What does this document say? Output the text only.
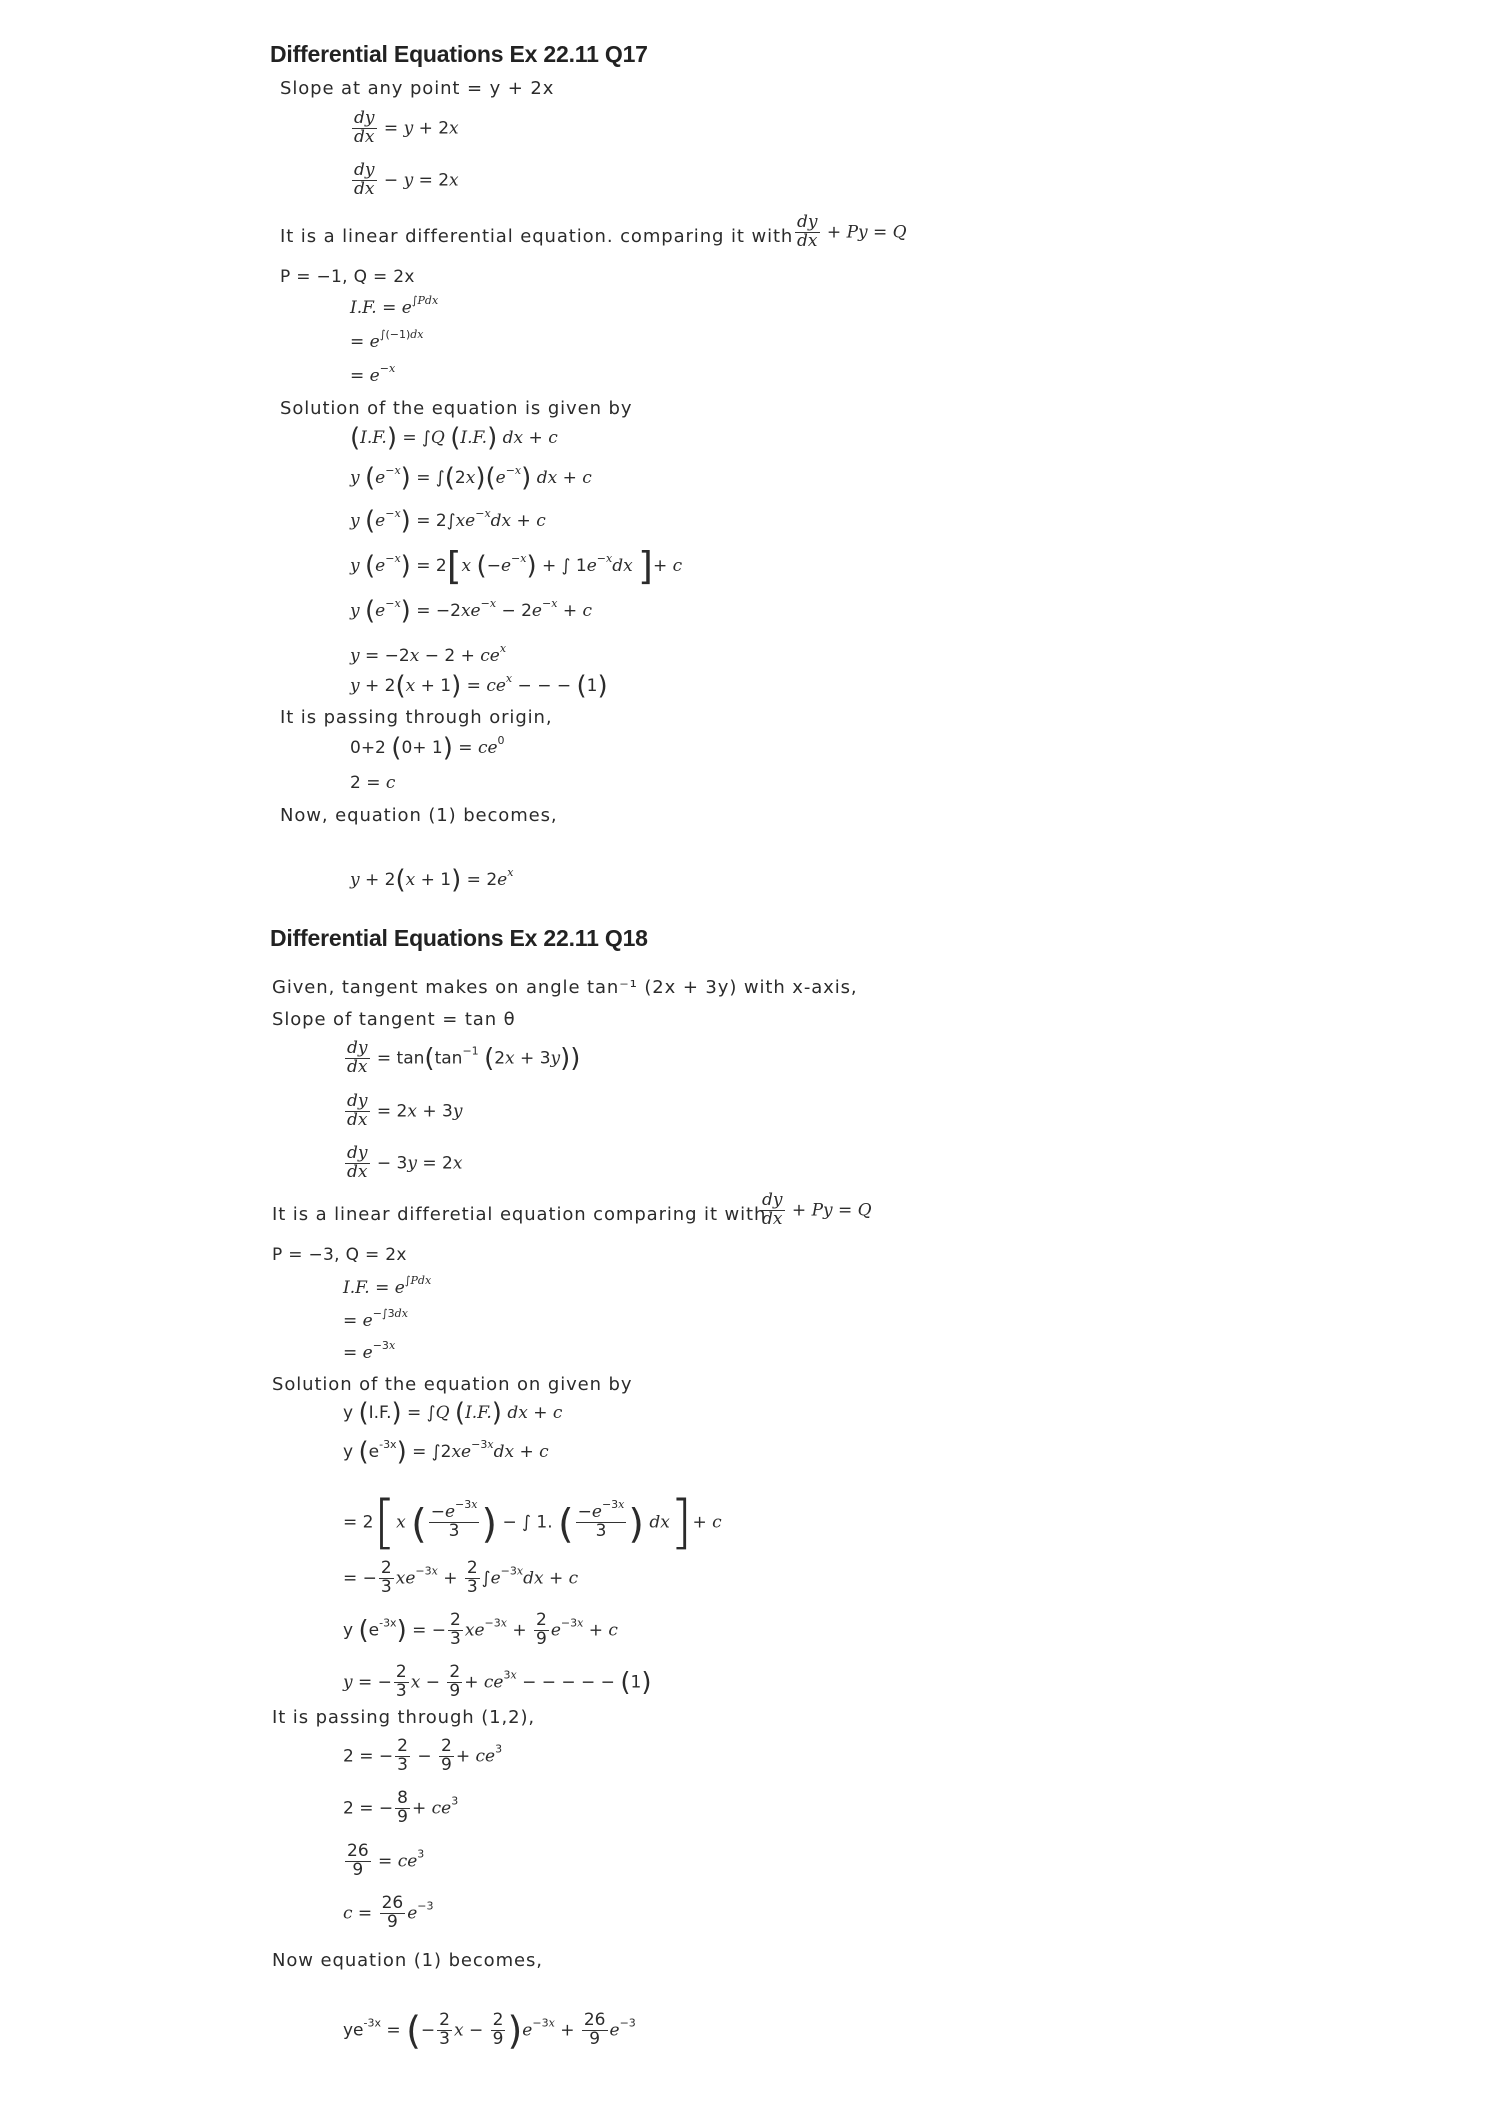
Differential Equations Ex 22.11 Q17
Slope at any point = y + 2x
$\frac{dy}{dx} = y + 2x$
$\frac{dy}{dx} - y = 2x$
It is a linear differential equation. comparing it with $\frac{dy}{dx} + Py = Q$
P = −1, Q = 2x
I.F. = $e^{\int Pdx}$
= $e^{\int(-1)dx}$
= $e^{-x}$
Solution of the equation is given by
(I.F.) = ∫Q (I.F.) dx + c
y $(e^{-x}) = \int(2x)(e^{-x})$ dx + c
y $(e^{-x}) = 2\int xe^{-x}dx + c$
y $(e^{-x}) = 2[x$ $(-e^{-x})$ + ∫ $1e^{-x}dx$ ]+ c
y $(e^{-x}) = -2xe^{-x} - 2e^{-x} + c$
$y = -2x - 2 + ce^x$
$y + 2(x + 1) = ce^x$ − − − (1)
It is passing through origin,
0+2 $(0+ 1) = ce^0$
2 = c
Now, equation (1) becomes,
$y + 2(x + 1) = 2e^x$
Differential Equations Ex 22.11 Q18
Given, tangent makes on angle tan⁻¹ (2x + 3y) with x-axis,
Slope of tangent = tan θ
$\frac{dy}{dx} = \tan(\tan^{-1}$ (2x + 3y))
$\frac{dy}{dx} = 2x + 3y$
$\frac{dy}{dx} - 3y = 2x$
It is a linear differetial equation comparing it with
$\frac{dy}{dx} + Py = Q$
P = −3, Q = 2x
I.F. = $e^{\int Pdx}$
= $e^{-\int 3dx}$
= $e^{-3x}$
Solution of the equation on given by
y (I.F.) = ∫Q (I.F.) dx + c
y $(e^{-3x}) = \int 2xe^{-3x}dx + c$
= 2[x ( $\frac{-e^{-3x}}{3}$ ) − ∫ 1. ( $\frac{-e^{-3x}}{3}$ ) dx]+ c
= − $\frac{2}{3} xe^{-3x} + \frac{2}{3} \int e^{-3x}dx + c$
y $(e^{-3x})$ = − $\frac{2}{3} xe^{-3x} + \frac{2}{9} e^{-3x} + c$
y = − $\frac{2}{3}$ $x - \frac{2}{9} + ce^{3x}$ − − − − − (1)
It is passing through (1,2),
2 = − $\frac{2}{3} - \frac{2}{9} + ce^3$
2 = − $\frac{8}{9} + ce^3$
$\frac{26}{9} = ce^3$
$c = \frac{26}{9} e^{-3}$
Now equation (1) becomes,
$ye^{-3x}$ = (− $\frac{2}{3}$ $x - \frac{2}{9} )e^{-3x} + \frac{26}{9} e^{-3}$
